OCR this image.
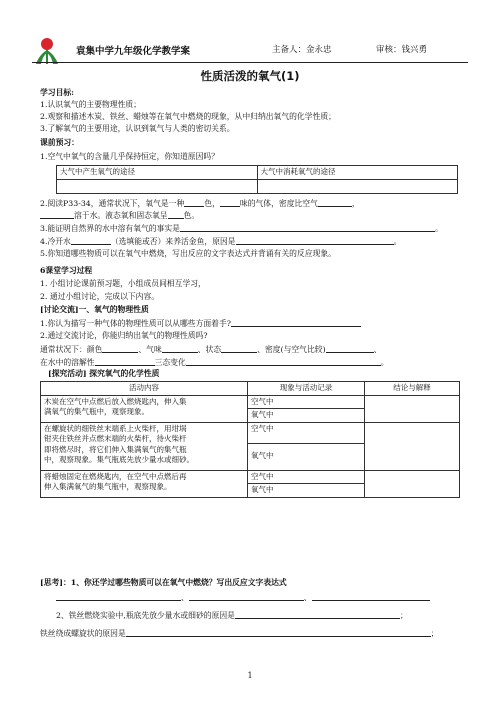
袁集中学九年级化学教学案	主备人：金永忠	审核：钱兴勇
性质活泼的氧气(1)
学习目标:
1.认识氧气的主要物理性质；
2.观察和描述木炭、铁丝、蜡烛等在氧气中燃烧的现象，从中归纳出氧气的化学性质；
3.了解氧气的主要用途，认识到氧气与人类的密切关系。
课前预习：
1.空气中氧气的含量几乎保持恒定，你知道原因吗？
大气中产生氧气的途径	大气中消耗氧气的途径

2.阅读P33-34，通常状况下，氧气是一种	色，	味的气体，密度比空气	，
溶于水。液态氧和固态氧呈 色。
3.能证明自然界的水中溶有氧气的事实是	。
4.冷开水	（选填能或否）来养活金鱼，原因是	。
5.你知道哪些物质可以在氧气中燃烧，写出反应的文字表达式并背诵有关的反应现象。
6课堂学习过程
1. 小组讨论课前预习题，小组成员间相互学习，
2. 通过小组讨论，完成以下内容。
[讨论交流]一、氧气的物理性质
1.你认为描写一种气体的物理性质可以从哪些方面着手?
2.通过交流讨论，你能归纳出氧气的物理性质吗?
通常状况下：颜色	、气味	、状态	、密度(与空气比较)	、
在水中的溶解性	三态变化	。
[探究活动] 探究氧气的化学性质
活动内容	现象与活动记录	结论与解释

木炭在空气中点燃后放入燃烧匙内，伸入集
满氧气的集气瓶中，观察现象。	空气中	
	氧气中	

在螺旋状的细铁丝末端系上火柴杆，用坩埚
钳夹住铁丝并点燃末端的火柴杆，待火柴杆
即将燃尽时，将它们伸入集满氧气的集气瓶
中，观察现象。集气瓶底先放少量水或细砂。	空气中	
	氧气中	

将蜡烛固定在燃烧匙内，在空气中点燃后再
伸入集满氧气的集气瓶中，观察现象。	空气中	
	氧气中	
[思考]：1、你还学过哪些物质可以在氧气中燃烧？写出反应文字表达式
、	、
2、铁丝燃烧实验中,瓶底先放少量水或细砂的原因是	；
铁丝绕成螺旋状的原因是	；
1
